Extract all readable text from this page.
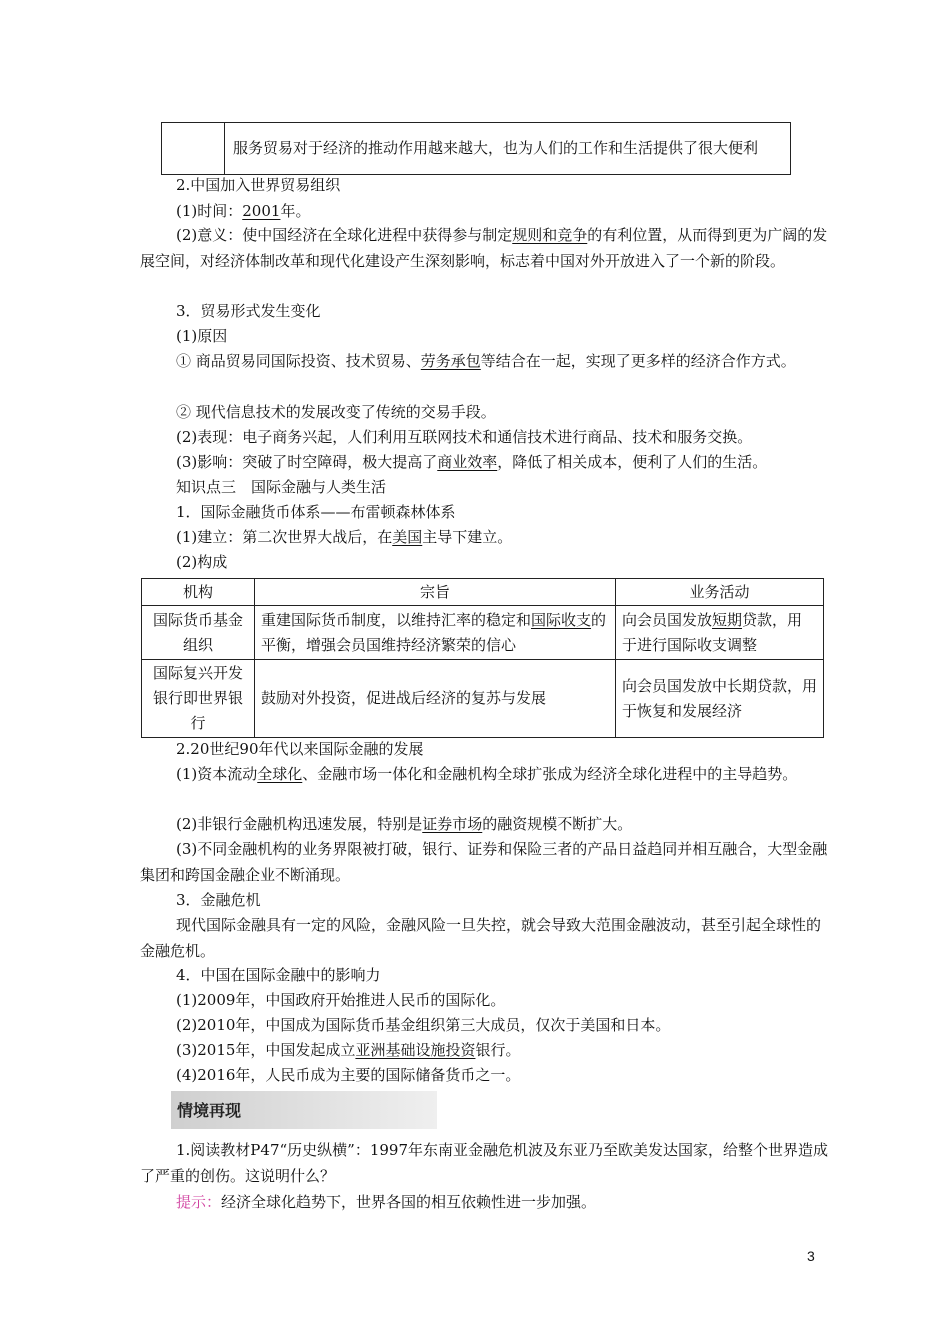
	服务贸易对于经济的推动作用越来越大，也为人们的工作和生活提供了很大便利
2.中国加入世界贸易组织
(1)时间：2001年。
(2)意义：使中国经济在全球化进程中获得参与制定规则和竞争的有利位置，从而得到更为广阔的发展空间，对经济体制改革和现代化建设产生深刻影响，标志着中国对外开放进入了一个新的阶段。
3．贸易形式发生变化
(1)原因
① 商品贸易同国际投资、技术贸易、劳务承包等结合在一起，实现了更多样的经济合作方式。
② 现代信息技术的发展改变了传统的交易手段。
(2)表现：电子商务兴起，人们利用互联网技术和通信技术进行商品、技术和服务交换。
(3)影响：突破了时空障碍，极大提高了商业效率，降低了相关成本，便利了人们的生活。
知识点三　国际金融与人类生活
1．国际金融货币体系——布雷顿森林体系
(1)建立：第二次世界大战后，在美国主导下建立。
(2)构成
机构	宗旨	业务活动
国际货币基金组织	重建国际货币制度，以维持汇率的稳定和国际收支的平衡，增强会员国维持经济繁荣的信心	向会员国发放短期贷款，用于进行国际收支调整
国际复兴开发银行即世界银行	鼓励对外投资，促进战后经济的复苏与发展	向会员国发放中长期贷款，用于恢复和发展经济
2.20世纪90年代以来国际金融的发展
(1)资本流动全球化、金融市场一体化和金融机构全球扩张成为经济全球化进程中的主导趋势。
(2)非银行金融机构迅速发展，特别是证券市场的融资规模不断扩大。
(3)不同金融机构的业务界限被打破，银行、证券和保险三者的产品日益趋同并相互融合，大型金融集团和跨国金融企业不断涌现。
3．金融危机
现代国际金融具有一定的风险，金融风险一旦失控，就会导致大范围金融波动，甚至引起全球性的金融危机。
4．中国在国际金融中的影响力
(1)2009年，中国政府开始推进人民币的国际化。
(2)2010年，中国成为国际货币基金组织第三大成员，仅次于美国和日本。
(3)2015年，中国发起成立亚洲基础设施投资银行。
(4)2016年，人民币成为主要的国际储备货币之一。
情境再现
1.阅读教材P47“历史纵横”：1997年东南亚金融危机波及东亚乃至欧美发达国家，给整个世界造成了严重的创伤。这说明什么？
提示：经济全球化趋势下，世界各国的相互依赖性进一步加强。
3
